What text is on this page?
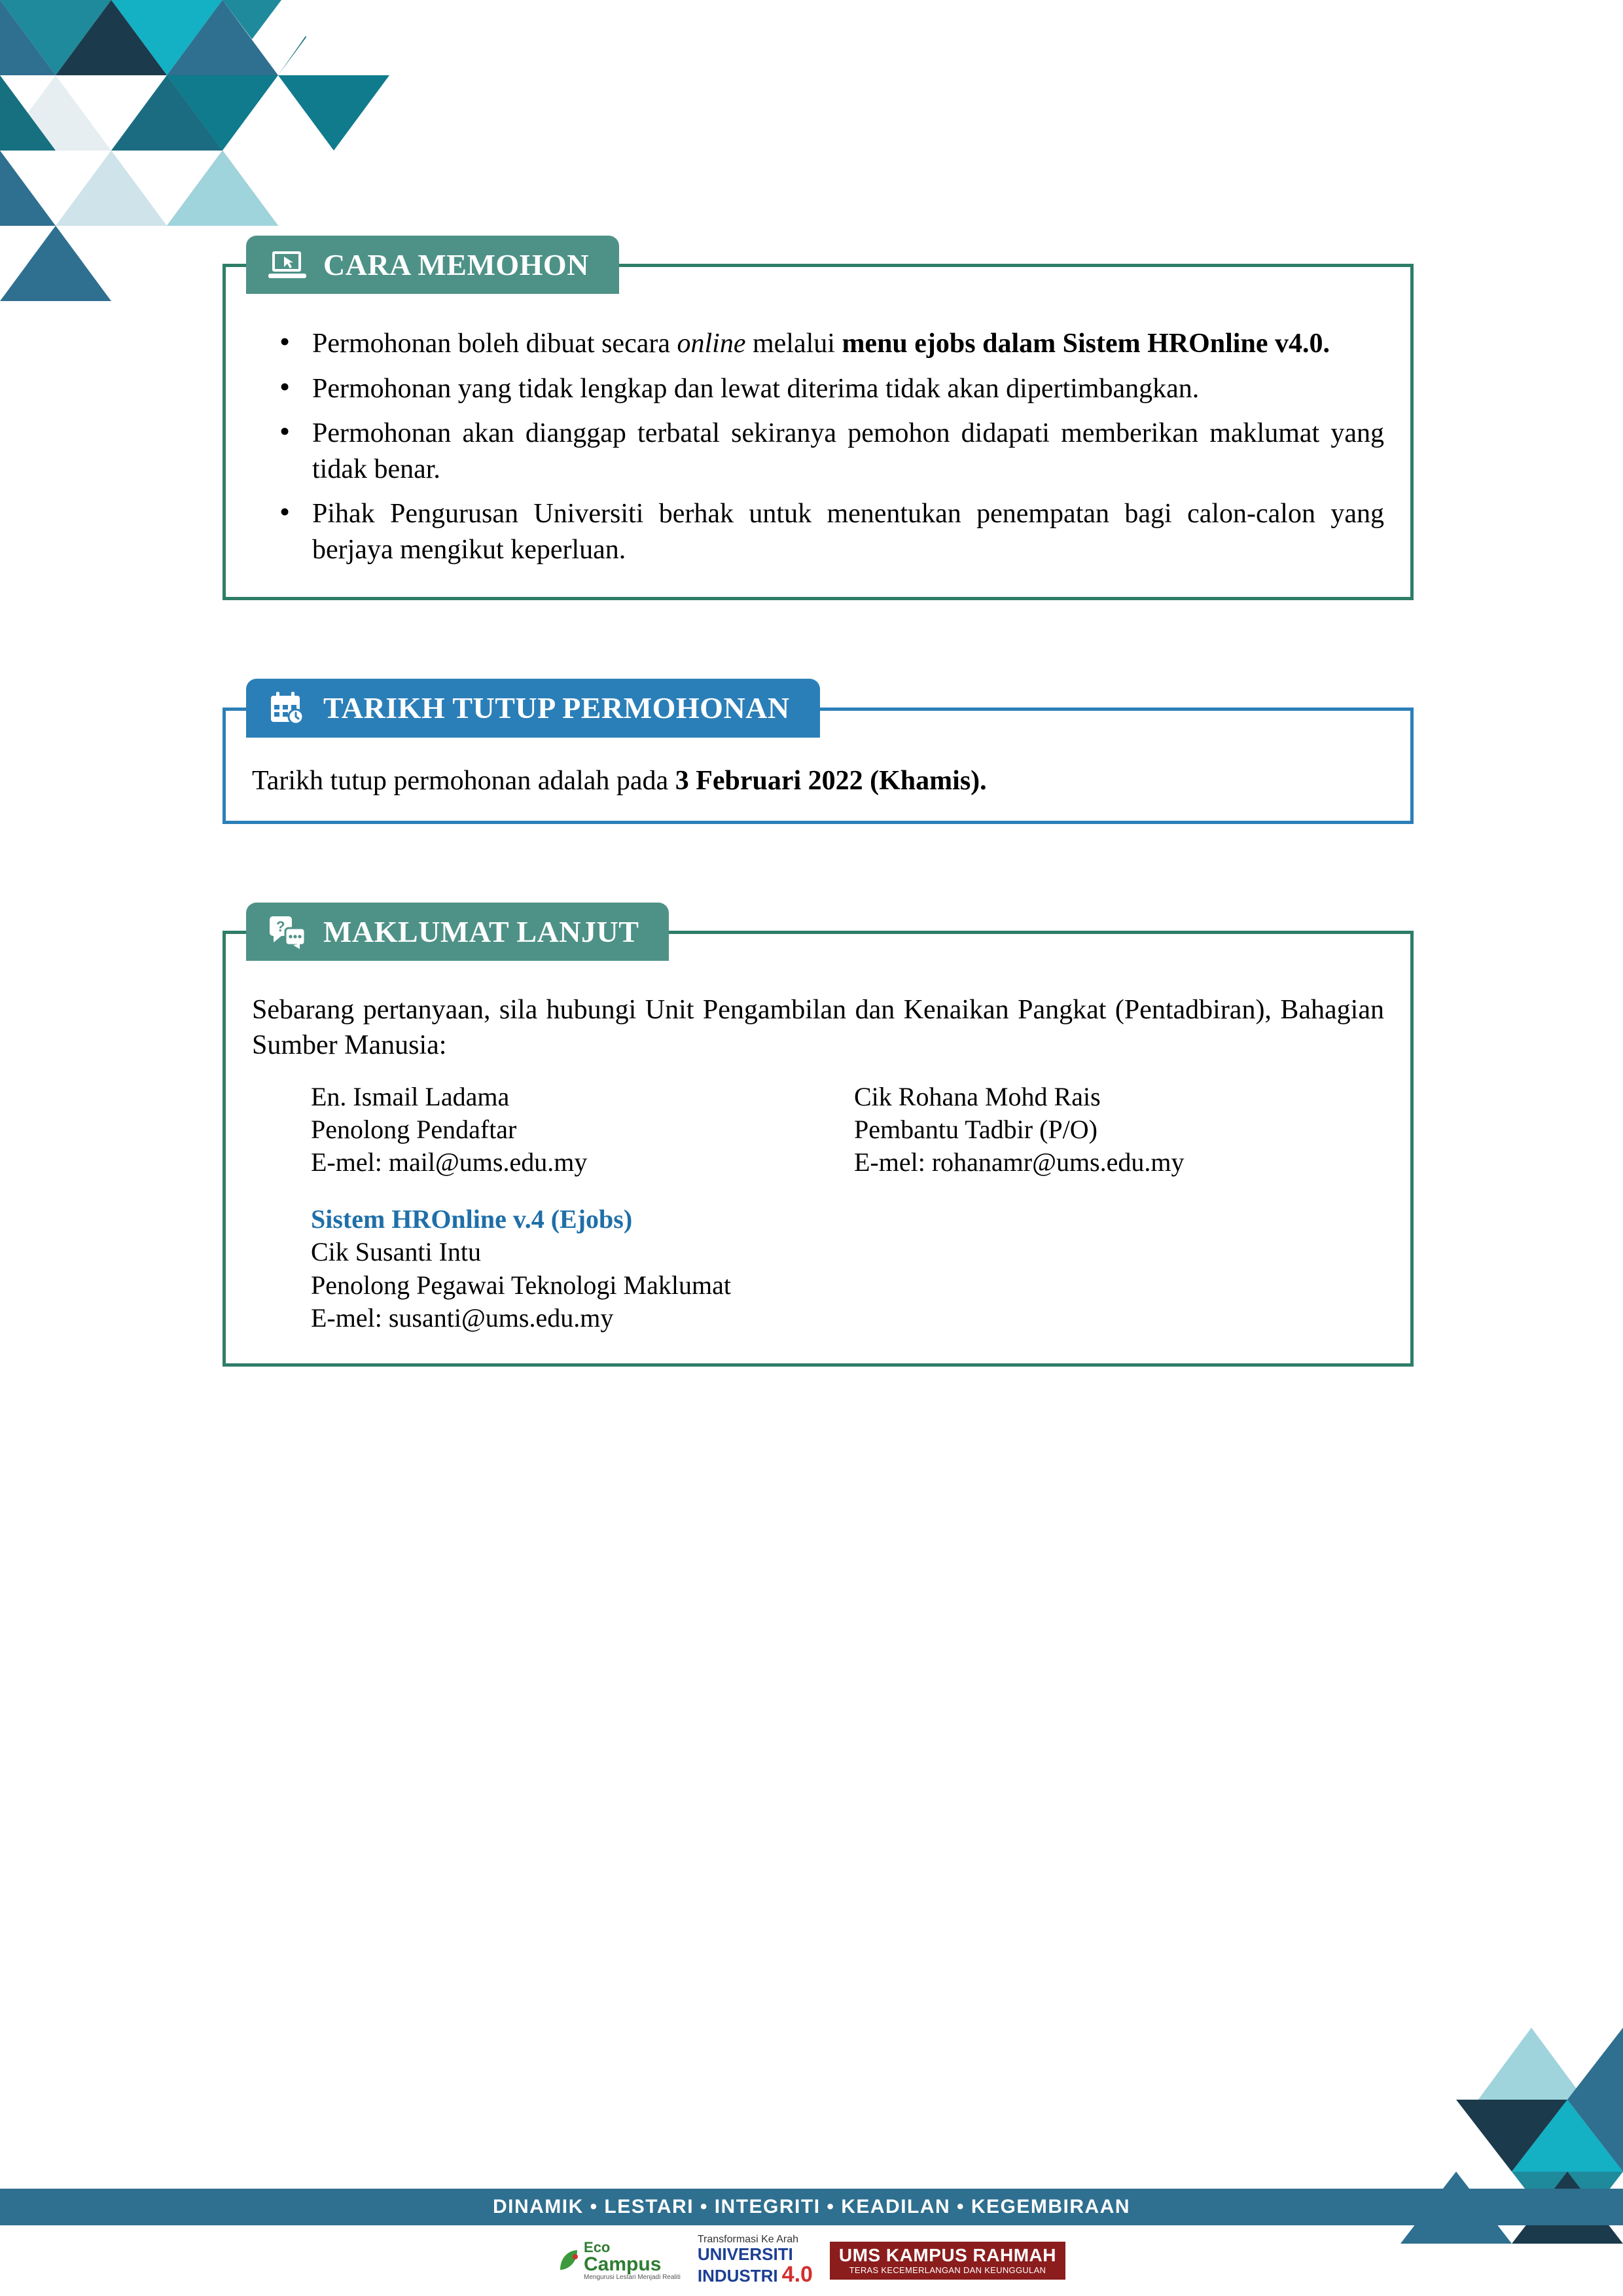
CARA MEMOHON
• Permohonan boleh dibuat secara online melalui menu ejobs dalam Sistem HROnline v4.0.
• Permohonan yang tidak lengkap dan lewat diterima tidak akan dipertimbangkan.
• Permohonan akan dianggap terbatal sekiranya pemohon didapati memberikan maklumat yang tidak benar.
• Pihak Pengurusan Universiti berhak untuk menentukan penempatan bagi calon-calon yang berjaya mengikut keperluan.
TARIKH TUTUP PERMOHONAN
Tarikh tutup permohonan adalah pada 3 Februari 2022 (Khamis).
? MAKLUMAT LANJUT
Sebarang pertanyaan, sila hubungi Unit Pengambilan dan Kenaikan Pangkat (Pentadbiran), Bahagian Sumber Manusia:
En. Ismail Ladama
Penolong Pendaftar
E-mel: mail@ums.edu.my
Sistem HROnline v.4 (Ejobs)
Cik Susanti Intu
Penolong Pegawai Teknologi Maklumat
E-mel: susanti@ums.edu.my
Cik Rohana Mohd Rais
Pembantu Tadbir (P/O)
E-mel: rohanamr@ums.edu.my
DINAMIK • LESTARI • INTEGRITI • KEADILAN • KEGEMBIRAAN
Eco
Campus
Mengurusi Lestari Menjadi Realiti
Transformasi Ke Arah
UNIVERSITI
INDUSTRI 4.0
UMS KAMPUS RAHMAH
TERAS KECEMERLANGAN DAN KEUNGGULAN
